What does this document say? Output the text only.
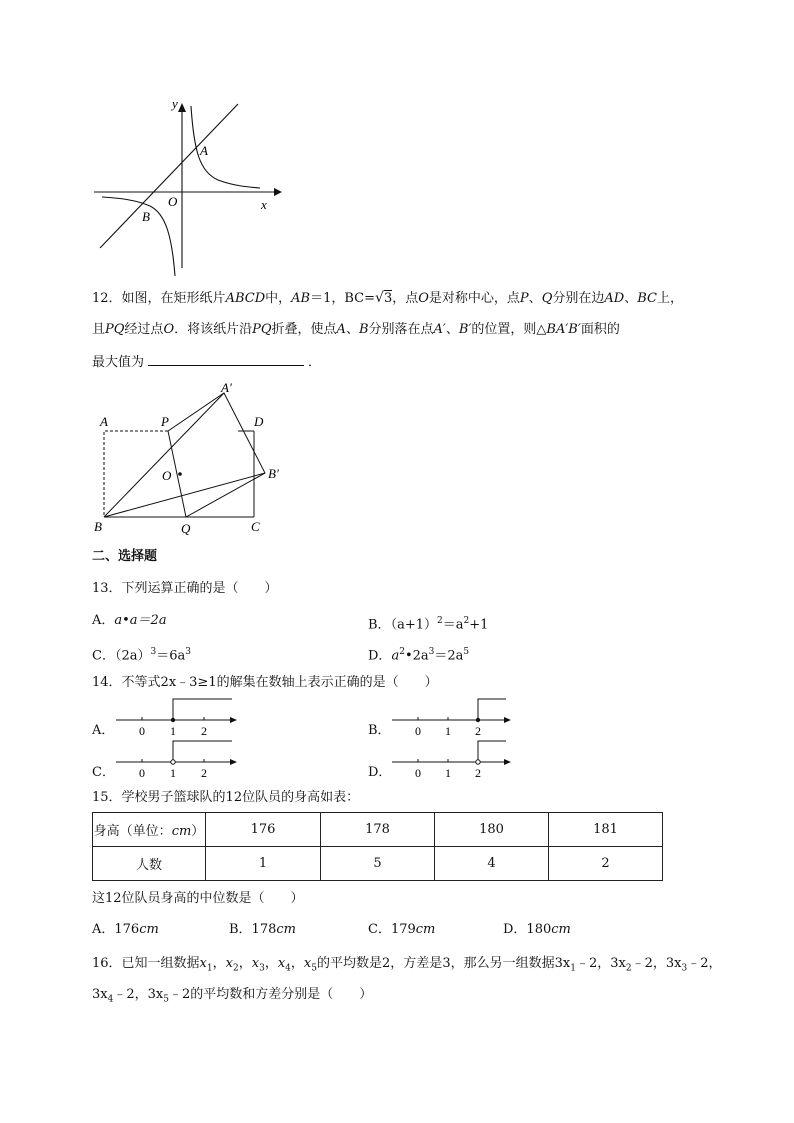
y
x
O
A
B
12．如图，在矩形纸片ABCD中，AB＝1，BC=√3，点O是对称中心，点P、Q分别在边AD、BC上，
且PQ经过点O．将该纸片沿PQ折叠，使点A、B分别落在点A′、B′的位置，则△BA′B′面积的
最大值为	．
A	P	D
A′
O	B′
B	Q	C
二、选择题
13．下列运算正确的是（　　）
A．a•a＝2a	B．$(a+1)^2=a^2+1$
C．$(2a)^3=6a^3$	D．$a^2•2a^3=2a^5$
14．不等式2x﹣3≥1的解集在数轴上表示正确的是（　　）
A． 0 1 2	B． 0 1 2
C． 0 1 2	D． 0 1 2
15．学校男子篮球队的12位队员的身高如表：
身高（单位：cm）	176	178	180	181
人数	1	5	4	2
这12位队员身高的中位数是（　　）
A．176cm	B．178cm	C．179cm	D．180cm
16．已知一组数据$x_1$，$x_2$，$x_3$，$x_4$，$x_5$的平均数是2，方差是3，那么另一组数据$3x_1﹣2$，$3x_2﹣2$，$3x_3﹣2$，
$3x_4﹣2$，$3x_5﹣2$的平均数和方差分别是（　　）
